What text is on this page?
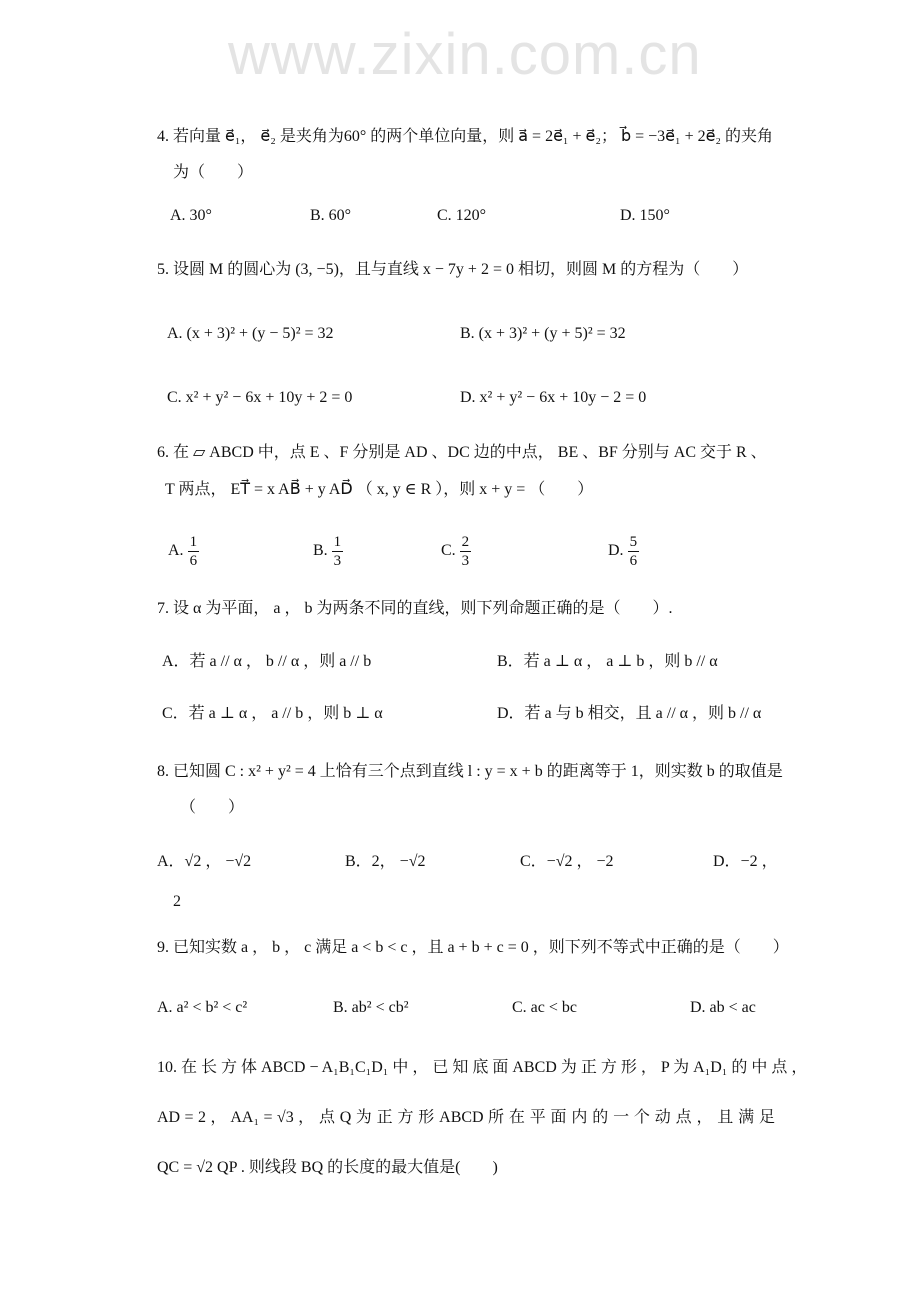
www.zixin.com.cn
4. 若向量 e⃗₁， e⃗₂ 是夹角为60° 的两个单位向量，则 a⃗ = 2e⃗₁ + e⃗₂； b⃗ = −3e⃗₁ + 2e⃗₂ 的夹角
为（　　）
A. 30°	B. 60°	C. 120°	D. 150°
5. 设圆 M 的圆心为 (3, −5)，且与直线 x − 7y + 2 = 0 相切，则圆 M 的方程为（　　）
A. (x + 3)² + (y − 5)² = 32	B. (x + 3)² + (y + 5)² = 32
C. x² + y² − 6x + 10y + 2 = 0	D. x² + y² − 6x + 10y − 2 = 0
6. 在 ▱ ABCD 中，点 E 、F 分别是 AD 、DC 边的中点， BE 、BF 分别与 AC 交于 R 、
T 两点， ET⃗ = x AB⃗ + y AD⃗ （ x, y ∈ R ），则 x + y = （　　）
A. $\frac{1}{6}$	B. $\frac{1}{3}$	C. $\frac{2}{3}$	D. $\frac{5}{6}$
7. 设 α 为平面， a ， b 为两条不同的直线，则下列命题正确的是（　　）.
A．若 a // α ， b // α ，则 a // b	B．若 a ⊥ α ， a ⊥ b ，则 b // α
C．若 a ⊥ α ， a // b ，则 b ⊥ α	D．若 a 与 b 相交，且 a // α ，则 b // α
8. 已知圆 C : x² + y² = 4 上恰有三个点到直线 l : y = x + b 的距离等于 1，则实数 b 的取值是
（　　）
A．√2 ， −√2	B．2， −√2	C．−√2 ， −2	D．−2 ，
2
9. 已知实数 a ， b ， c 满足 a < b < c ，且 a + b + c = 0 ，则下列不等式中正确的是（　　）
A. a² < b² < c²	B. ab² < cb²	C. ac < bc	D. ab < ac
10. 在 长 方 体 ABCD − A₁B₁C₁D₁ 中 ， 已 知 底 面 ABCD 为 正 方 形 ， P 为 A₁D₁ 的 中 点 ，
AD = 2 ， AA₁ = √3 ， 点 Q 为 正 方 形 ABCD 所 在 平 面 内 的 一 个 动 点 ， 且 满 足
QC = √2 QP . 则线段 BQ 的长度的最大值是(　　)
